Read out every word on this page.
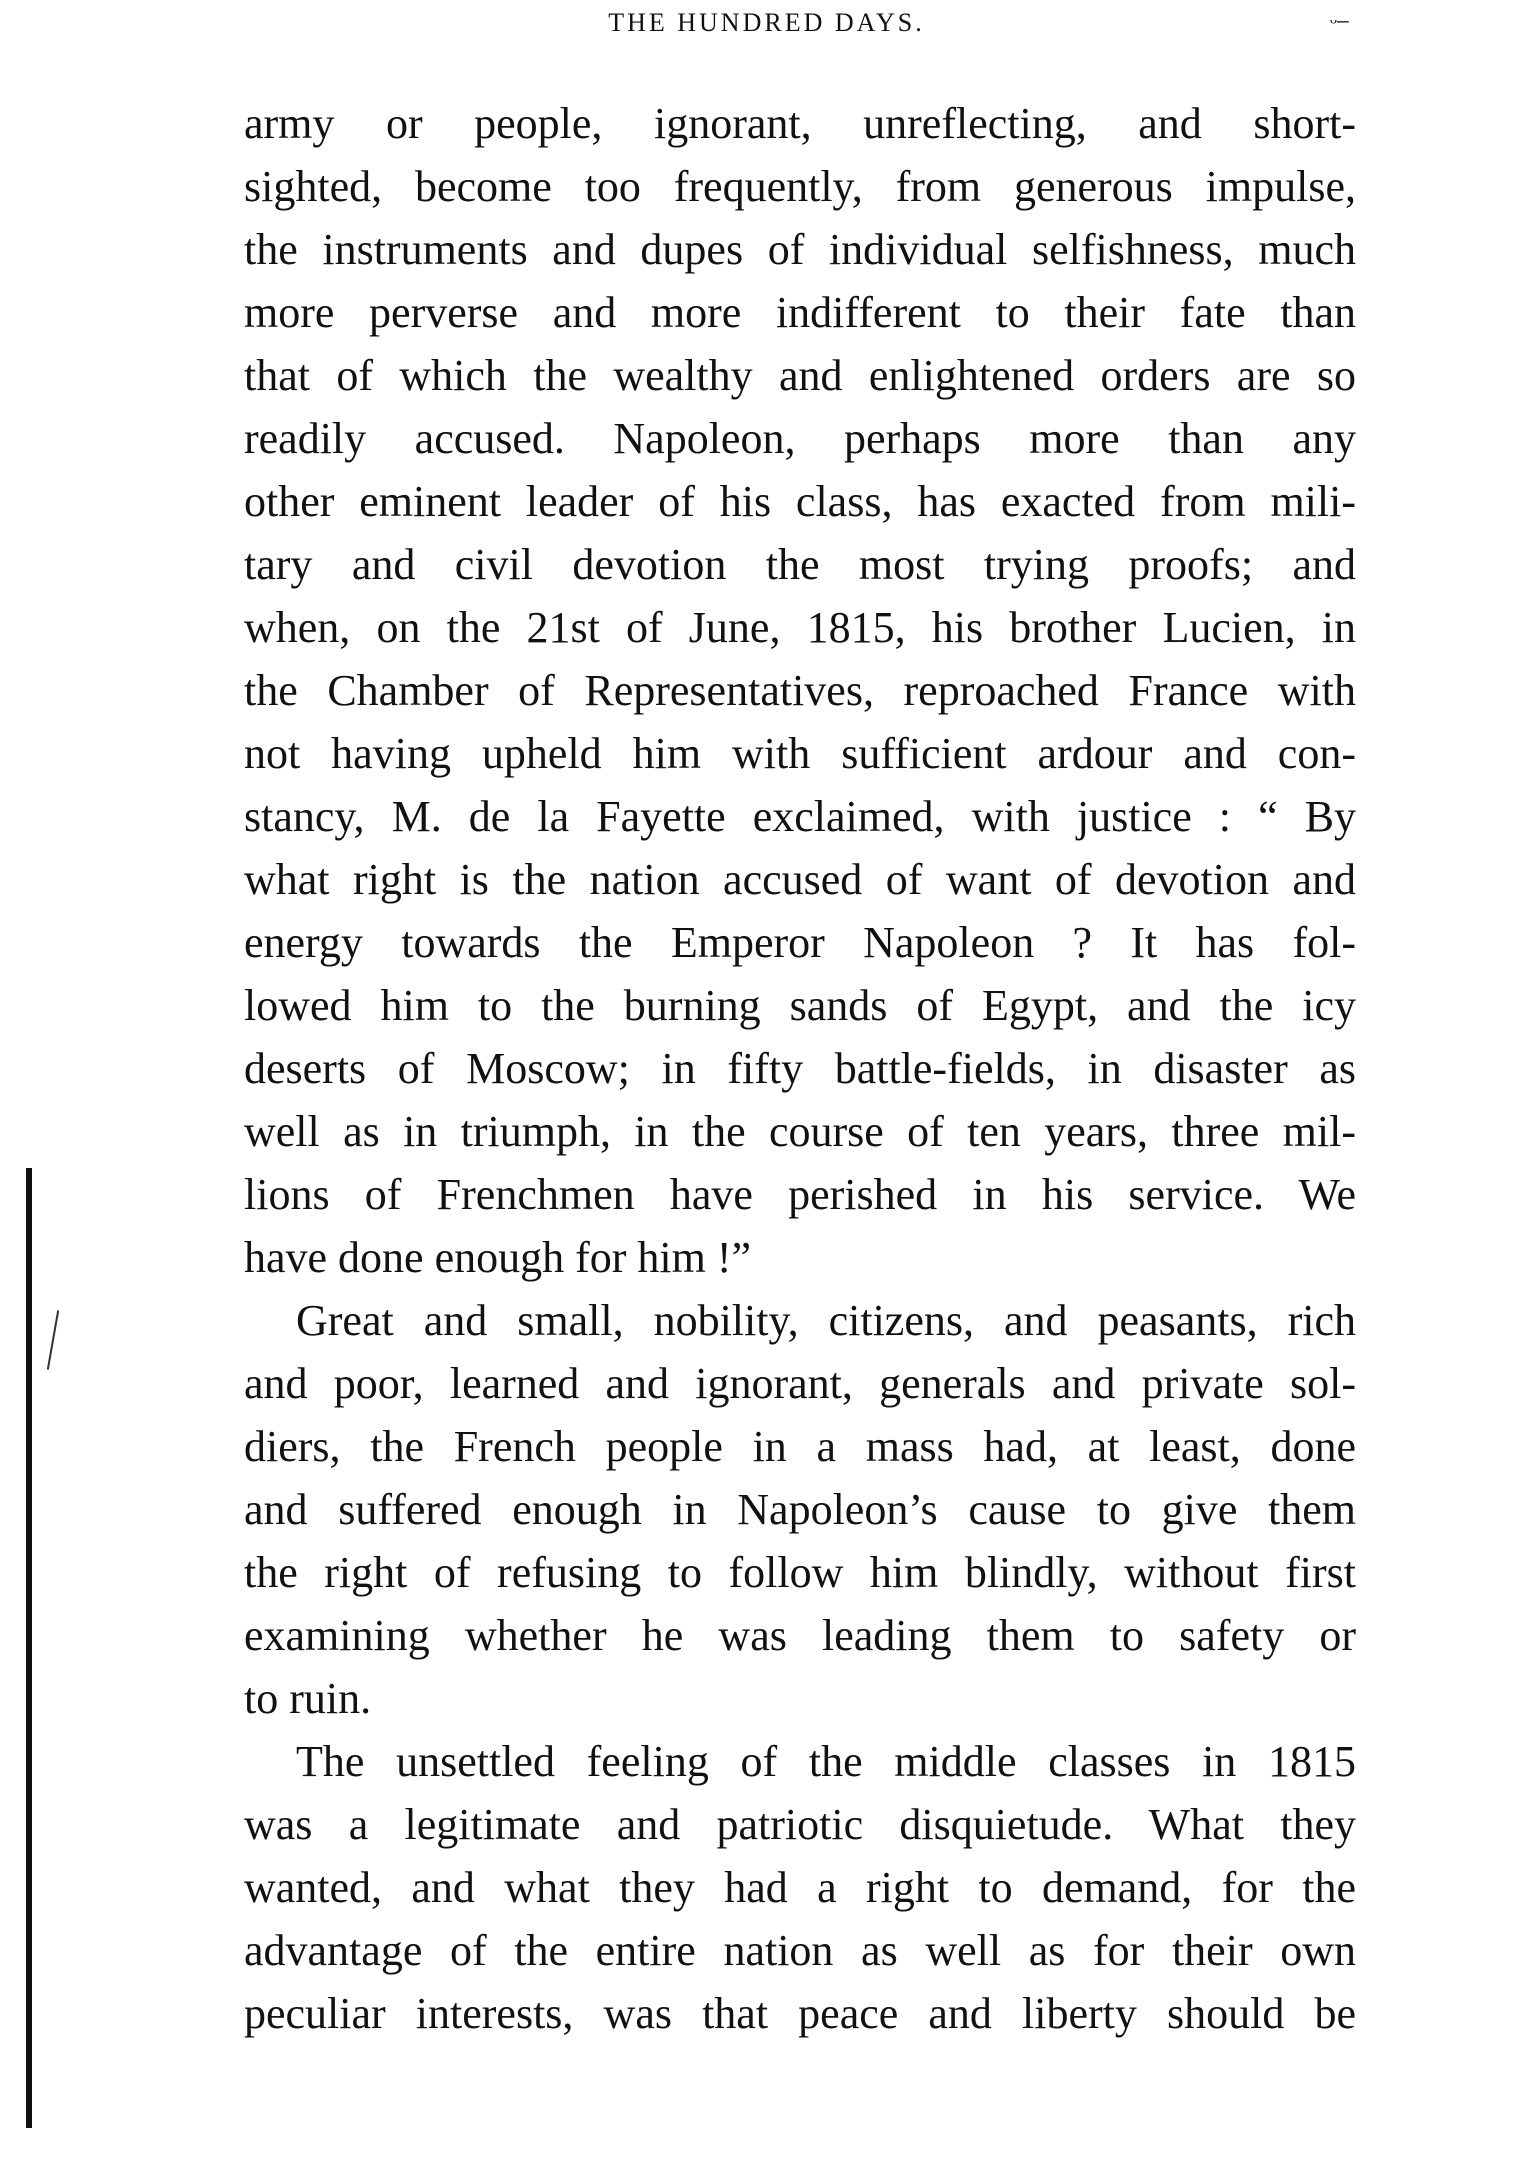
THE HUNDRED DAYS.	ᵕ ̶
army or people, ignorant, unreflecting, and short-
sighted, become too frequently, from generous impulse,
the instruments and dupes of individual selfishness, much
more perverse and more indifferent to their fate than
that of which the wealthy and enlightened orders are so
readily accused. Napoleon, perhaps more than any
other eminent leader of his class, has exacted from mili-
tary and civil devotion the most trying proofs; and
when, on the 21st of June, 1815, his brother Lucien, in
the Chamber of Representatives, reproached France with
not having upheld him with sufficient ardour and con-
stancy, M. de la Fayette exclaimed, with justice : “ By
what right is the nation accused of want of devotion and
energy towards the Emperor Napoleon ? It has fol-
lowed him to the burning sands of Egypt, and the icy
deserts of Moscow; in fifty battle-fields, in disaster as
well as in triumph, in the course of ten years, three mil-
lions of Frenchmen have perished in his service. We
have done enough for him !”
Great and small, nobility, citizens, and peasants, rich
and poor, learned and ignorant, generals and private sol-
diers, the French people in a mass had, at least, done
and suffered enough in Napoleon’s cause to give them
the right of refusing to follow him blindly, without first
examining whether he was leading them to safety or
to ruin.
The unsettled feeling of the middle classes in 1815
was a legitimate and patriotic disquietude. What they
wanted, and what they had a right to demand, for the
advantage of the entire nation as well as for their own
peculiar interests, was that peace and liberty should be
